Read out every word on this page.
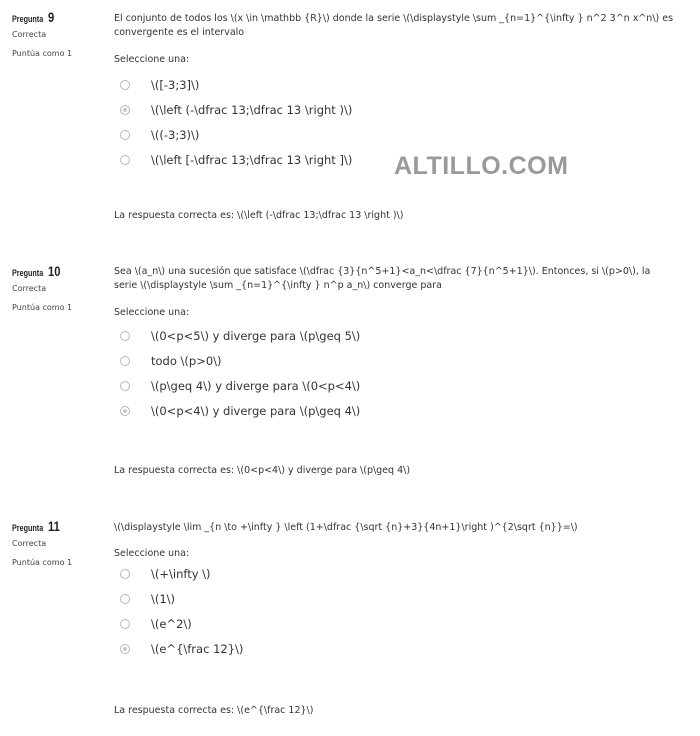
Pregunta 9
Correcta
Puntúa como 1
El conjunto de todos los \(x \in \mathbb {R}\) donde la serie \(\displaystyle \sum _{n=1}^{\infty } n^2 3^n x^n\) es convergente es el intervalo
Seleccione una:
\([-3;3]\)
\(\left (-\dfrac 13;\dfrac 13 \right )\)
\((-3;3)\)
\(\left [-\dfrac 13;\dfrac 13 \right ]\)
La respuesta correcta es: \(\left (-\dfrac 13;\dfrac 13 \right )\)
Pregunta 10
Correcta
Puntúa como 1
Sea \(a_n\) una sucesión que satisface \(\dfrac {3}{n^5+1}<a_n<\dfrac {7}{n^5+1}\). Entonces, si \(p>0\), la serie \(\displaystyle \sum _{n=1}^{\infty } n^p a_n\) converge para
Seleccione una:
\(0<p<5\) y diverge para \(p\geq 5\)
todo \(p>0\)
\(p\geq 4\) y diverge para \(0<p<4\)
\(0<p<4\) y diverge para \(p\geq 4\)
La respuesta correcta es: \(0<p<4\) y diverge para \(p\geq 4\)
Pregunta 11
Correcta
Puntúa como 1
\(\displaystyle \lim _{n \to +\infty } \left (1+\dfrac {\sqrt {n}+3}{4n+1}\right )^{2\sqrt {n}}=\)
Seleccione una:
\(+\infty \)
\(1\)
\(e^2\)
\(e^{\frac 12}\)
La respuesta correcta es: \(e^{\frac 12}\)
ALTILLO.COM
